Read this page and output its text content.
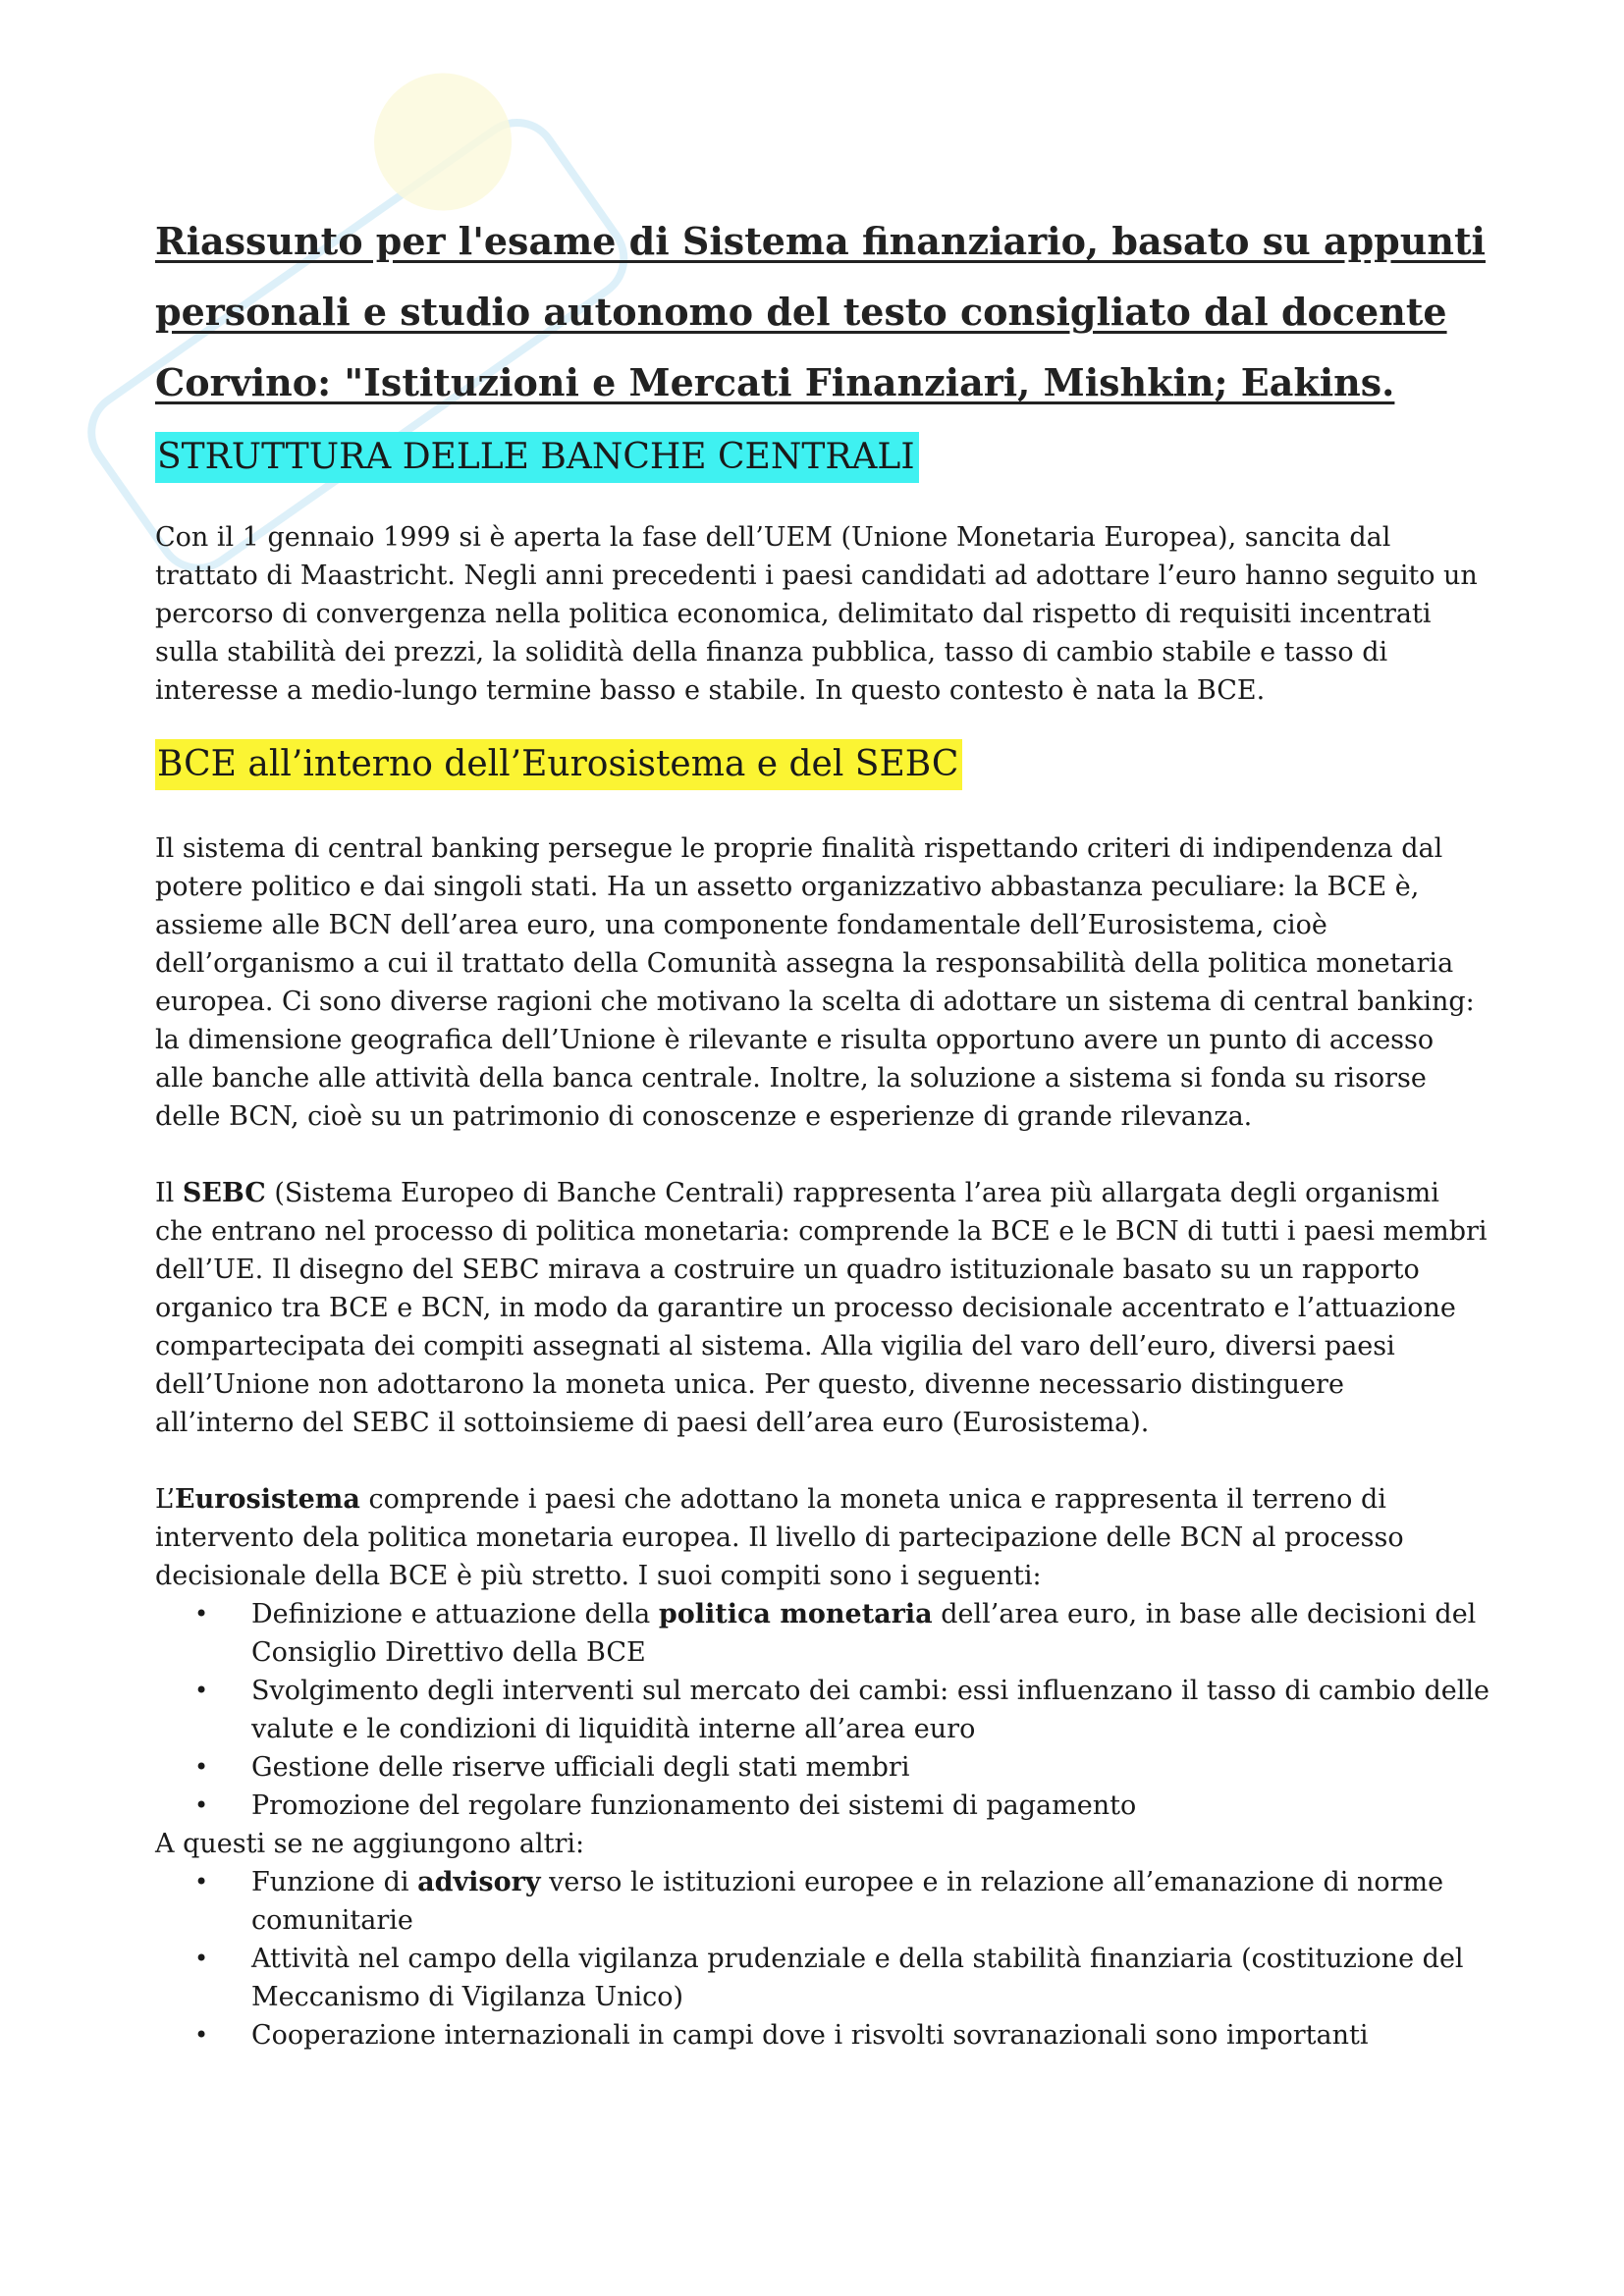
Riassunto per l'esame di Sistema finanziario, basato su appunti personali e studio autonomo del testo consigliato dal docente Corvino: "Istituzioni e Mercati Finanziari, Mishkin; Eakins.
STRUTTURA DELLE BANCHE CENTRALI

Con il 1 gennaio 1999 si è aperta la fase dell’UEM (Unione Monetaria Europea), sancita dal trattato di Maastricht. Negli anni precedenti i paesi candidati ad adottare l’euro hanno seguito un percorso di convergenza nella politica economica, delimitato dal rispetto di requisiti incentrati sulla stabilità dei prezzi, la solidità della finanza pubblica, tasso di cambio stabile e tasso di interesse a medio-lungo termine basso e stabile. In questo contesto è nata la BCE.

BCE all’interno dell’Eurosistema e del SEBC

Il sistema di central banking persegue le proprie finalità rispettando criteri di indipendenza dal potere politico e dai singoli stati. Ha un assetto organizzativo abbastanza peculiare: la BCE è, assieme alle BCN dell’area euro, una componente fondamentale dell’Eurosistema, cioè dell’organismo a cui il trattato della Comunità assegna la responsabilità della politica monetaria europea. Ci sono diverse ragioni che motivano la scelta di adottare un sistema di central banking: la dimensione geografica dell’Unione è rilevante e risulta opportuno avere un punto di accesso alle banche alle attività della banca centrale. Inoltre, la soluzione a sistema si fonda su risorse delle BCN, cioè su un patrimonio di conoscenze e esperienze di grande rilevanza.

Il SEBC (Sistema Europeo di Banche Centrali) rappresenta l’area più allargata degli organismi che entrano nel processo di politica monetaria: comprende la BCE e le BCN di tutti i paesi membri dell’UE. Il disegno del SEBC mirava a costruire un quadro istituzionale basato su un rapporto organico tra BCE e BCN, in modo da garantire un processo decisionale accentrato e l’attuazione compartecipata dei compiti assegnati al sistema. Alla vigilia del varo dell’euro, diversi paesi dell’Unione non adottarono la moneta unica. Per questo, divenne necessario distinguere all’interno del SEBC il sottoinsieme di paesi dell’area euro (Eurosistema).

L’Eurosistema comprende i paesi che adottano la moneta unica e rappresenta il terreno di intervento dela politica monetaria europea. Il livello di partecipazione delle BCN al processo decisionale della BCE è più stretto. I suoi compiti sono i seguenti:

• Definizione e attuazione della politica monetaria dell’area euro, in base alle decisioni del Consiglio Direttivo della BCE
• Svolgimento degli interventi sul mercato dei cambi: essi influenzano il tasso di cambio delle valute e le condizioni di liquidità interne all’area euro
• Gestione delle riserve ufficiali degli stati membri
• Promozione del regolare funzionamento dei sistemi di pagamento

A questi se ne aggiungono altri:

• Funzione di advisory verso le istituzioni europee e in relazione all’emanazione di norme comunitarie
• Attività nel campo della vigilanza prudenziale e della stabilità finanziaria (costituzione del Meccanismo di Vigilanza Unico)
• Cooperazione internazionali in campi dove i risvolti sovranazionali sono importanti
